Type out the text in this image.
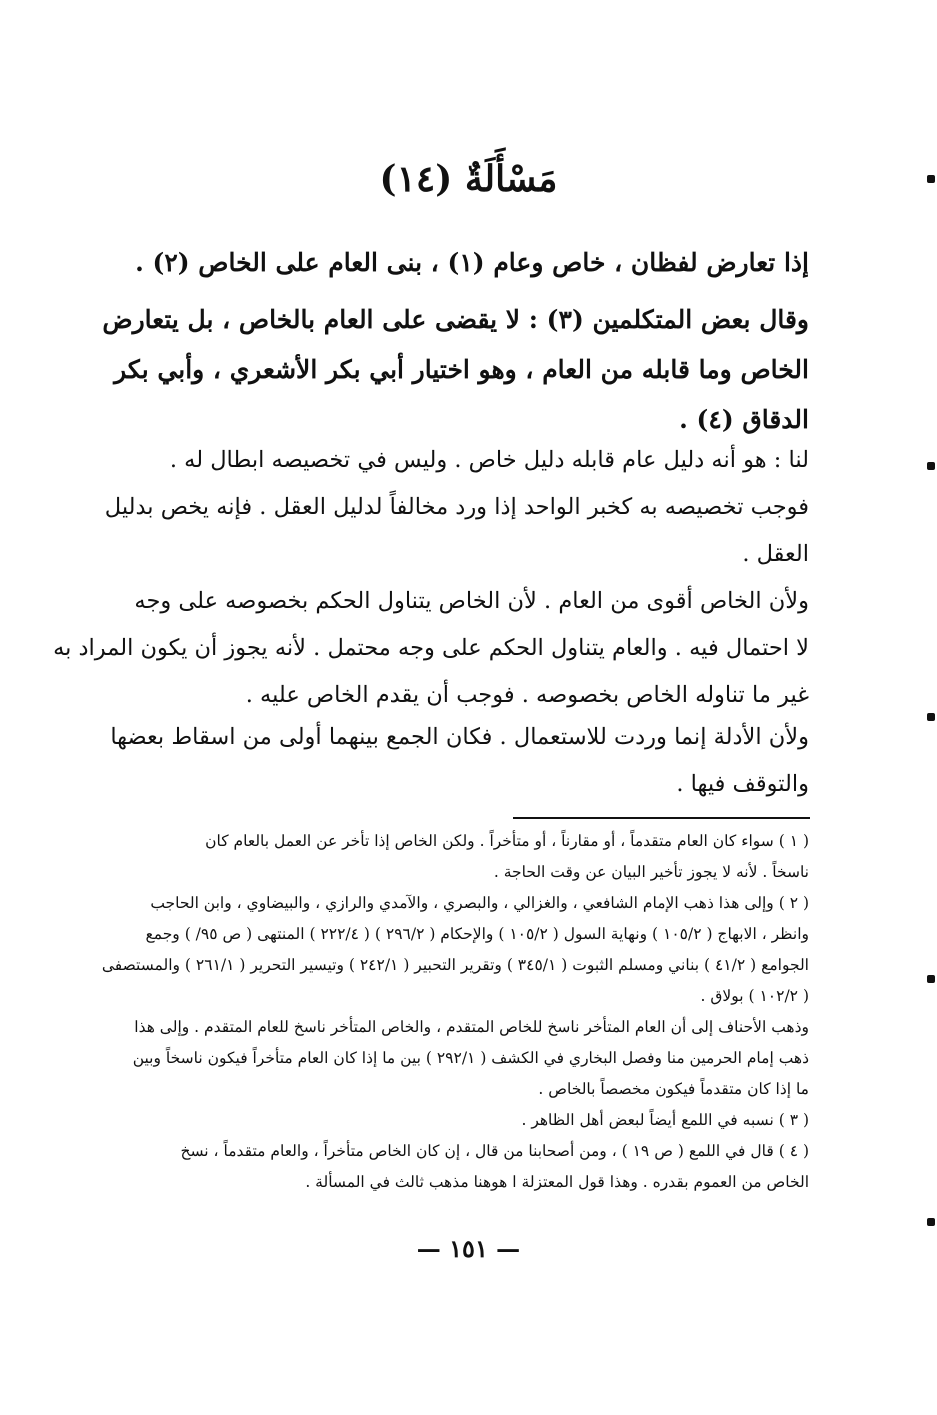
مَسْأَلَةٌ (١٤)
إذا تعارض لفظان ، خاص وعام (١) ، بنى العام على الخاص (٢) .
وقال بعض المتكلمين (٣) : لا يقضى على العام بالخاص ، بل يتعارض
الخاص وما قابله من العام ، وهو اختيار أبي بكر الأشعري ، وأبي بكر
الدقاق (٤) .
لنا : هو أنه دليل عام قابله دليل خاص . وليس في تخصيصه ابطال له .
فوجب تخصيصه به كخبر الواحد إذا ورد مخالفاً لدليل العقل . فإنه يخص بدليل
العقل .
ولأن الخاص أقوى من العام . لأن الخاص يتناول الحكم بخصوصه على وجه
لا احتمال فيه . والعام يتناول الحكم على وجه محتمل . لأنه يجوز أن يكون المراد به
غير ما تناوله الخاص بخصوصه . فوجب أن يقدم الخاص عليه .
ولأن الأدلة إنما وردت للاستعمال . فكان الجمع بينهما أولى من اسقاط بعضها
والتوقف فيها .
( ١ ) سواء كان العام متقدماً ، أو مقارناً ، أو متأخراً . ولكن الخاص إذا تأخر عن العمل بالعام كان
ناسخاً . لأنه لا يجوز تأخير البيان عن وقت الحاجة .
( ٢ ) وإلى هذا ذهب الإمام الشافعي ، والغزالي ، والبصري ، والآمدي والرازي ، والبيضاوي ، وابن الحاجب
وانظر ، الابهاج ( ١٠٥/٢ ) ونهاية السول ( ١٠٥/٢ ) والإحكام ( ٢٩٦/٢ ) ( ٢٢٢/٤ ) المنتهى ( ص ٩٥/ ) وجمع
الجوامع ( ٤١/٢ ) بناني ومسلم الثبوت ( ٣٤٥/١ ) وتقرير التحبير ( ٢٤٢/١ ) وتيسير التحرير ( ٢٦١/١ ) والمستصفى
( ١٠٢/٢ ) بولاق .
وذهب الأحناف إلى أن العام المتأخر ناسخ للخاص المتقدم ، والخاص المتأخر ناسخ للعام المتقدم . وإلى هذا
ذهب إمام الحرمين منا وفصل البخاري في الكشف ( ٢٩٢/١ ) بين ما إذا كان العام متأخراً فيكون ناسخاً وبين
ما إذا كان متقدماً فيكون مخصصاً بالخاص .
( ٣ ) نسبه في اللمع أيضاً لبعض أهل الظاهر .
( ٤ ) قال في اللمع ( ص ١٩ ) ، ومن أصحابنا من قال ، إن كان الخاص متأخراً ، والعام متقدماً ، نسخ
الخاص من العموم بقدره . وهذا قول المعتزلة ا هوهنا مذهب ثالث في المسألة .
— ١٥١ —
